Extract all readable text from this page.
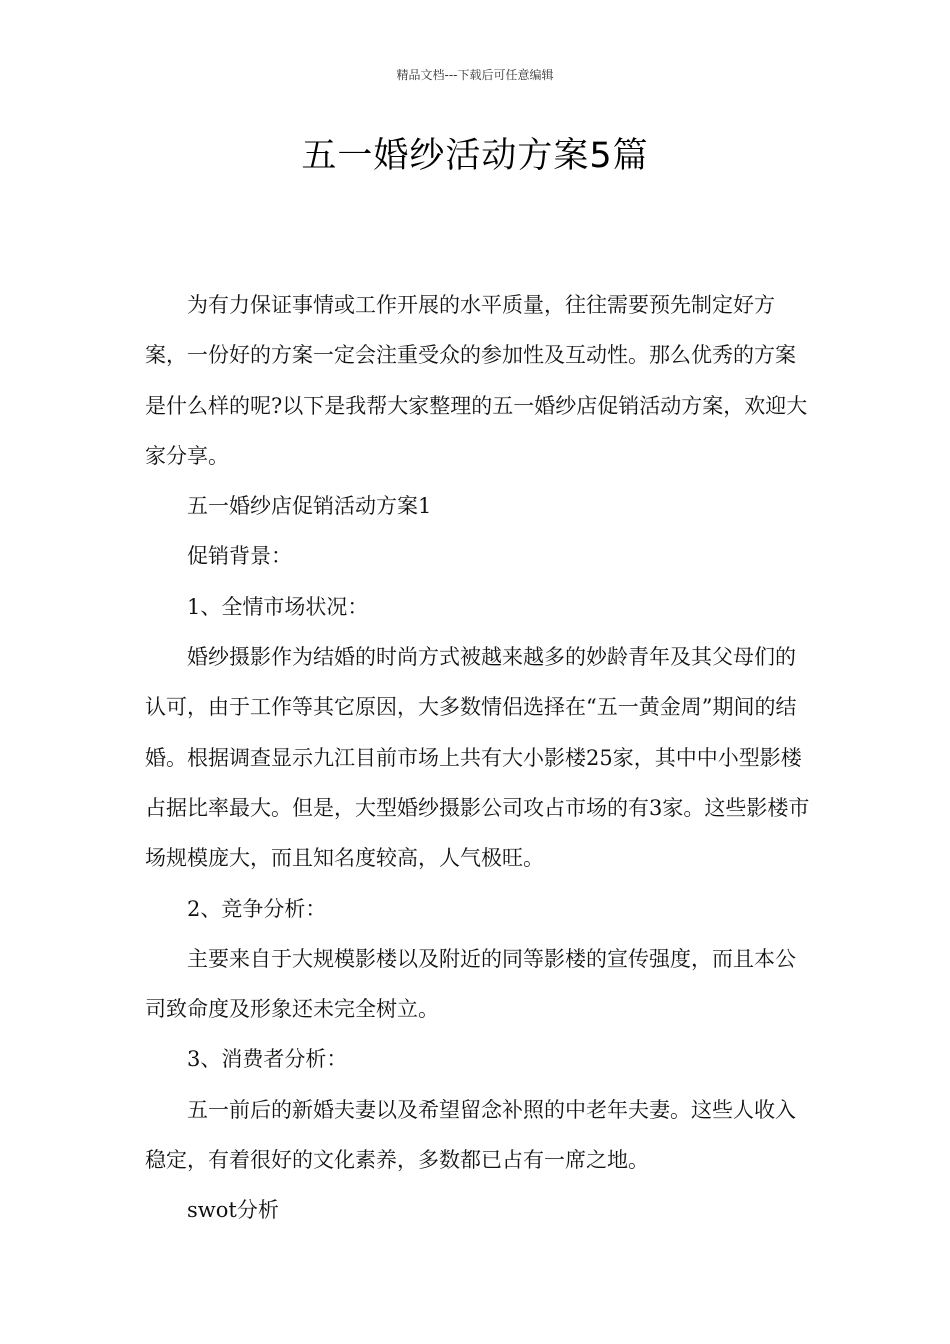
精品文档---下载后可任意编辑
五一婚纱活动方案5篇

为有力保证事情或工作开展的水平质量，往往需要预先制定好方案，一份好的方案一定会注重受众的参加性及互动性。那么优秀的方案是什么样的呢?以下是我帮大家整理的五一婚纱店促销活动方案，欢迎大家分享。

五一婚纱店促销活动方案1

促销背景：

1、全情市场状况：

婚纱摄影作为结婚的时尚方式被越来越多的妙龄青年及其父母们的认可，由于工作等其它原因，大多数情侣选择在“五一黄金周”期间的结婚。根据调查显示九江目前市场上共有大小影楼25家，其中中小型影楼占据比率最大。但是，大型婚纱摄影公司攻占市场的有3家。这些影楼市场规模庞大，而且知名度较高，人气极旺。

2、竞争分析：

主要来自于大规模影楼以及附近的同等影楼的宣传强度，而且本公司致命度及形象还未完全树立。

3、消费者分析：

五一前后的新婚夫妻以及希望留念补照的中老年夫妻。这些人收入稳定，有着很好的文化素养，多数都已占有一席之地。

swot分析
